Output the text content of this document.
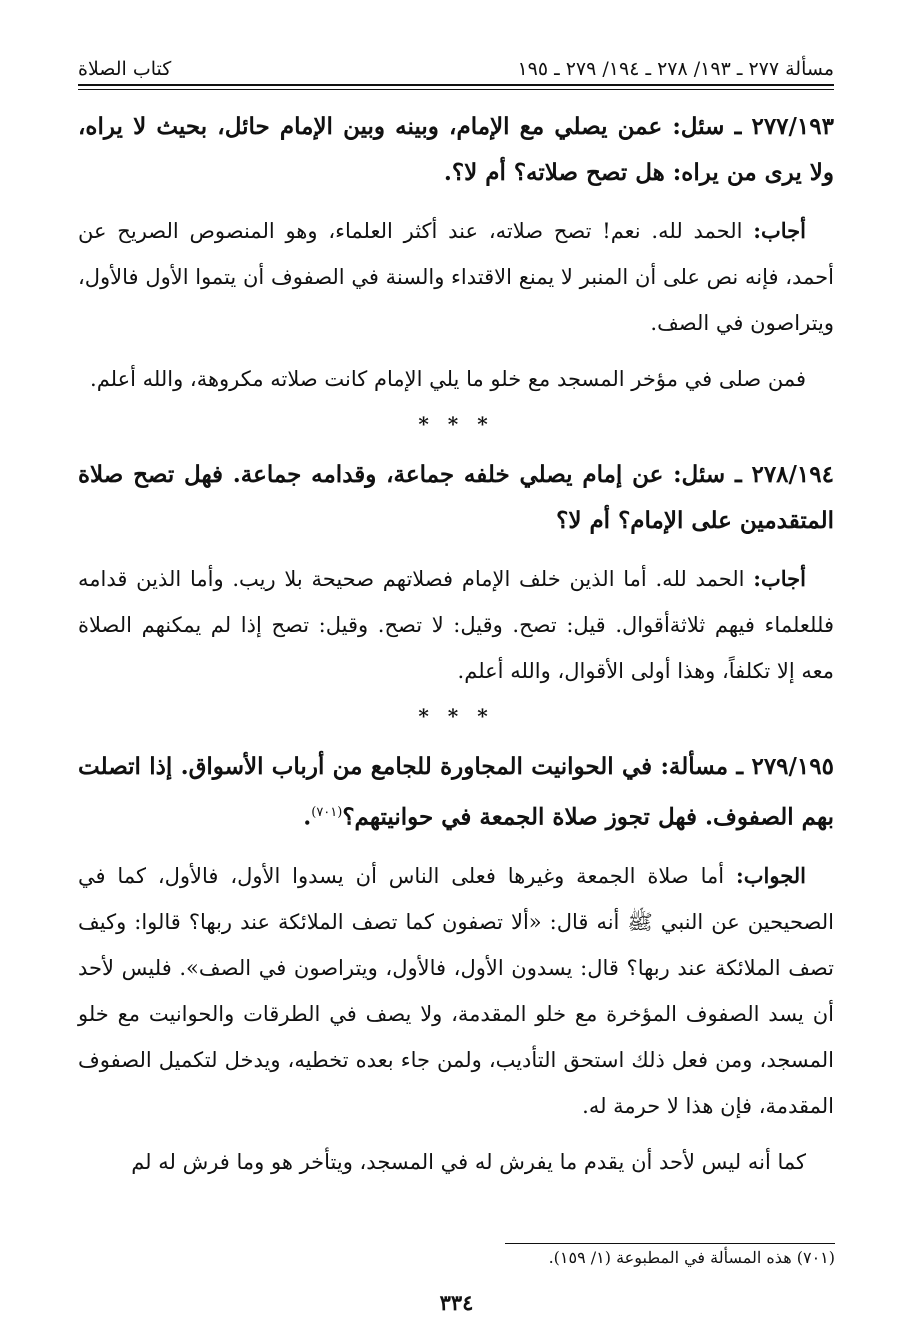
مسألة ٢٧٧ ـ ١٩٣/ ٢٧٨ ـ ١٩٤/ ٢٧٩ ـ ١٩٥
كتاب الصلاة

٢٧٧/١٩٣ ـ سئل: عمن يصلي مع الإمام، وبينه وبين الإمام حائل، بحيث لا يراه، ولا يرى من يراه: هل تصح صلاته؟ أم لا؟.

أجاب: الحمد لله. نعم! تصح صلاته، عند أكثر العلماء، وهو المنصوص الصريح عن أحمد، فإنه نص على أن المنبر لا يمنع الاقتداء والسنة في الصفوف أن يتموا الأول فالأول، ويتراصون في الصف.

فمن صلى في مؤخر المسجد مع خلو ما يلي الإمام كانت صلاته مكروهة، والله أعلم.

* * *

٢٧٨/١٩٤ ـ سئل: عن إمام يصلي خلفه جماعة، وقدامه جماعة. فهل تصح صلاة المتقدمين على الإمام؟ أم لا؟

أجاب: الحمد لله. أما الذين خلف الإمام فصلاتهم صحيحة بلا ريب. وأما الذين قدامه فللعلماء فيهم ثلاثةأقوال. قيل: تصح. وقيل: لا تصح. وقيل: تصح إذا لم يمكنهم الصلاة معه إلا تكلفاً، وهذا أولى الأقوال، والله أعلم.

* * *

٢٧٩/١٩٥ ـ مسألة: في الحوانيت المجاورة للجامع من أرباب الأسواق. إذا اتصلت بهم الصفوف. فهل تجوز صلاة الجمعة في حوانيتهم؟$^{(٧٠١)}$.

الجواب: أما صلاة الجمعة وغيرها فعلى الناس أن يسدوا الأول، فالأول، كما في الصحيحين عن النبي ﷺ أنه قال: «ألا تصفون كما تصف الملائكة عند ربها؟ قالوا: وكيف تصف الملائكة عند ربها؟ قال: يسدون الأول، فالأول، ويتراصون في الصف». فليس لأحد أن يسد الصفوف المؤخرة مع خلو المقدمة، ولا يصف في الطرقات والحوانيت مع خلو المسجد، ومن فعل ذلك استحق التأديب، ولمن جاء بعده تخطيه، ويدخل لتكميل الصفوف المقدمة، فإن هذا لا حرمة له.

كما أنه ليس لأحد أن يقدم ما يفرش له في المسجد، ويتأخر هو وما فرش له لم

(٧٠١) هذه المسألة في المطبوعة (١/ ١٥٩).
٣٣٤
